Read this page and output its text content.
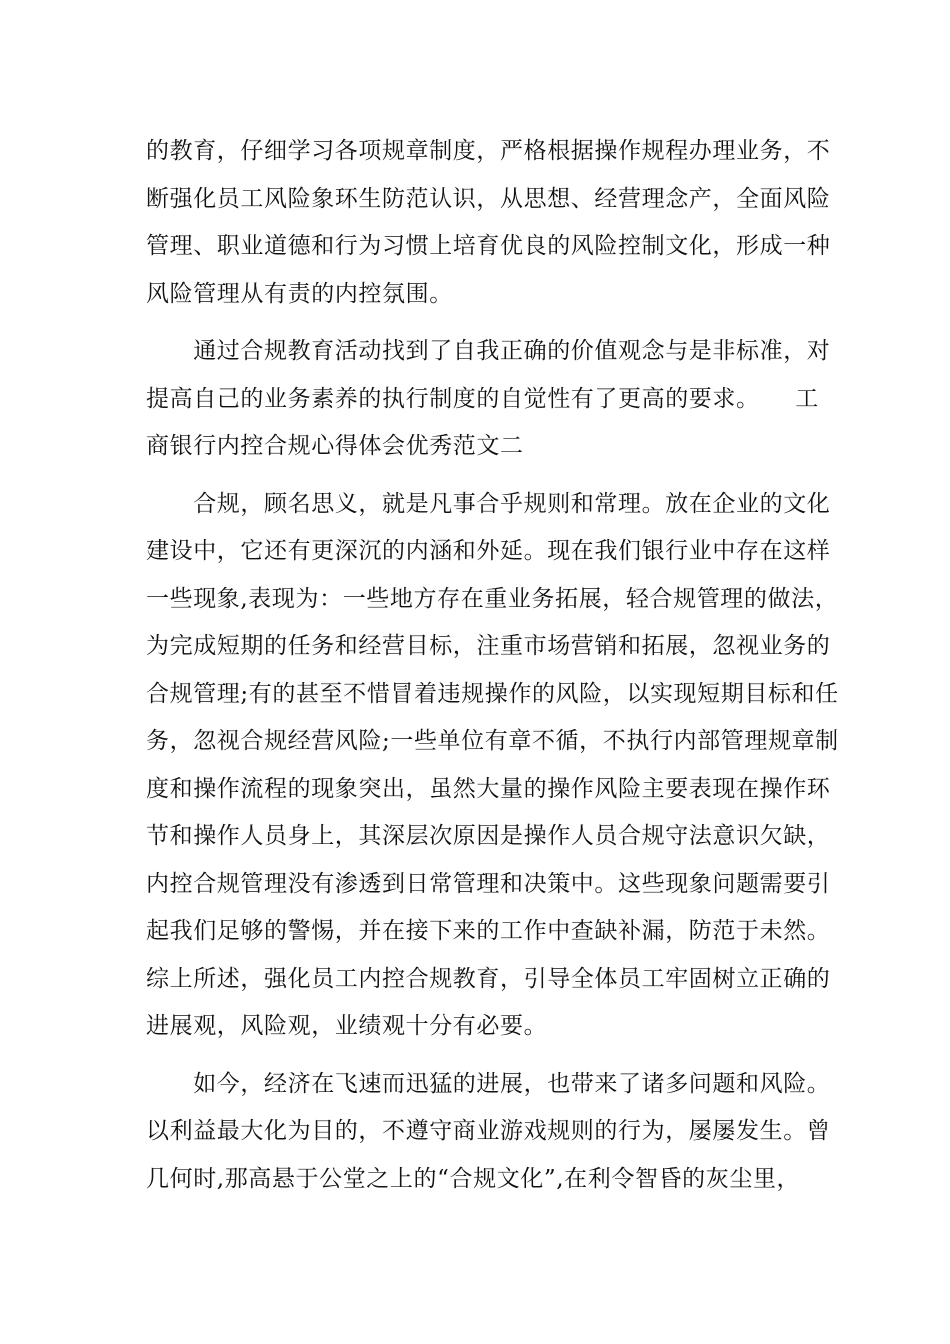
的教育，仔细学习各项规章制度，严格根据操作规程办理业务，不
断强化员工风险象环生防范认识，从思想、经营理念产，全面风险
管理、职业道德和行为习惯上培育优良的风险控制文化，形成一种
风险管理从有责的内控氛围。
　　通过合规教育活动找到了自我正确的价值观念与是非标准，对
提高自己的业务素养的执行制度的自觉性有了更高的要求。　　工
商银行内控合规心得体会优秀范文二
　　合规，顾名思义，就是凡事合乎规则和常理。放在企业的文化
建设中，它还有更深沉的内涵和外延。现在我们银行业中存在这样
一些现象,表现为：一些地方存在重业务拓展，轻合规管理的做法，
为完成短期的任务和经营目标，注重市场营销和拓展，忽视业务的
合规管理;有的甚至不惜冒着违规操作的风险，以实现短期目标和任
务，忽视合规经营风险;一些单位有章不循，不执行内部管理规章制
度和操作流程的现象突出，虽然大量的操作风险主要表现在操作环
节和操作人员身上，其深层次原因是操作人员合规守法意识欠缺，
内控合规管理没有渗透到日常管理和决策中。这些现象问题需要引
起我们足够的警惕，并在接下来的工作中查缺补漏，防范于未然。
综上所述，强化员工内控合规教育，引导全体员工牢固树立正确的
进展观，风险观，业绩观十分有必要。
　　如今，经济在飞速而迅猛的进展，也带来了诸多问题和风险。
以利益最大化为目的，不遵守商业游戏规则的行为，屡屡发生。曾
几何时,那高悬于公堂之上的“合规文化”,在利令智昏的灰尘里，
